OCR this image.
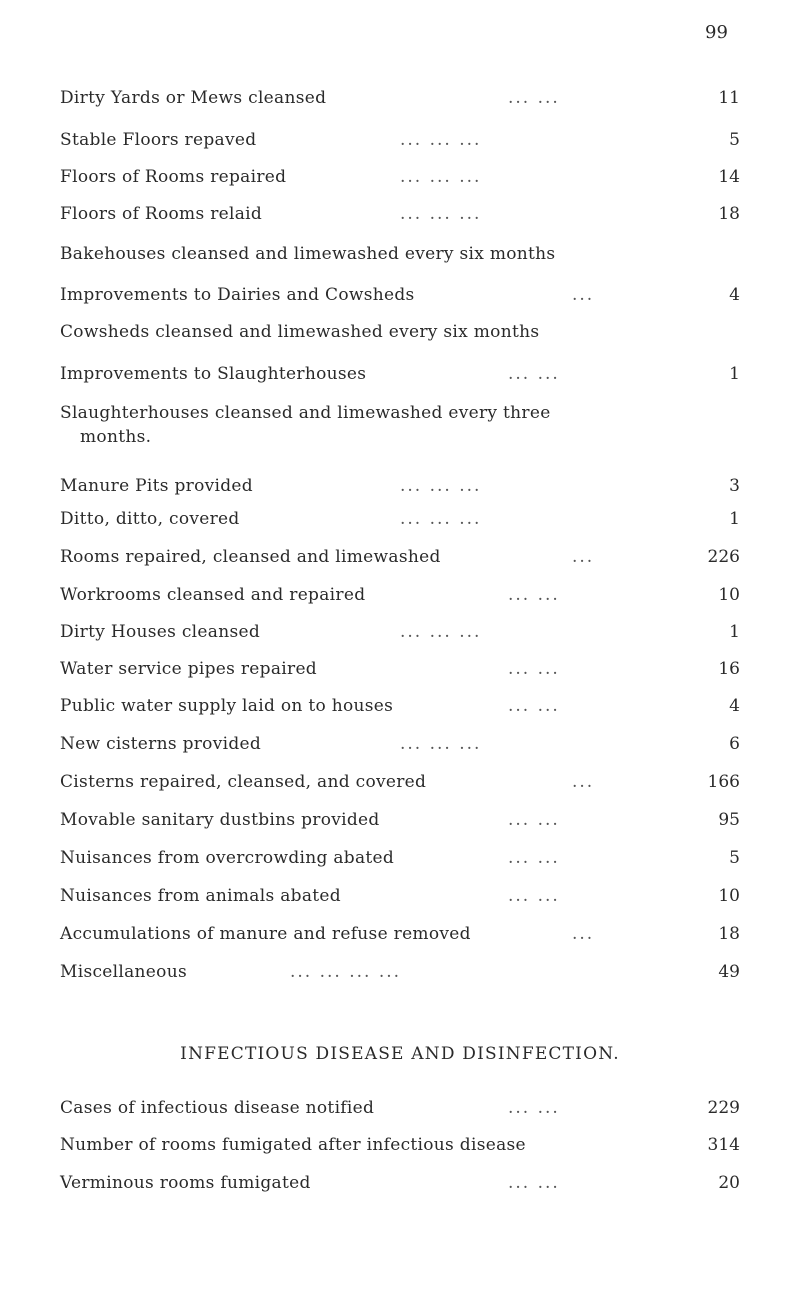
99
Dirty Yards or Mews cleansed	... ...	11
Stable Floors repaved	... ... ...	5
Floors of Rooms repaired	... ... ...	14
Floors of Rooms relaid	... ... ...	18
Bakehouses cleansed and limewashed every six months
Improvements to Dairies and Cowsheds	...	4
Cowsheds cleansed and limewashed every six months
Improvements to Slaughterhouses	... ...	1
Slaughterhouses cleansed and limewashed every three
months.
Manure Pits provided	... ... ...	3
Ditto, ditto, covered	... ... ...	1
Rooms repaired, cleansed and limewashed	...	226
Workrooms cleansed and repaired	... ...	10
Dirty Houses cleansed	... ... ...	1
Water service pipes repaired	... ...	16
Public water supply laid on to houses	... ...	4
New cisterns provided	... ... ...	6
Cisterns repaired, cleansed, and covered	...	166
Movable sanitary dustbins provided	... ...	95
Nuisances from overcrowding abated	... ...	5
Nuisances from animals abated	... ...	10
Accumulations of manure and refuse removed	...	18
Miscellaneous	... ... ... ...	49
INFECTIOUS DISEASE AND DISINFECTION.
Cases of infectious disease notified	... ...	229
Number of rooms fumigated after infectious disease	314
Verminous rooms fumigated	... ...	20
